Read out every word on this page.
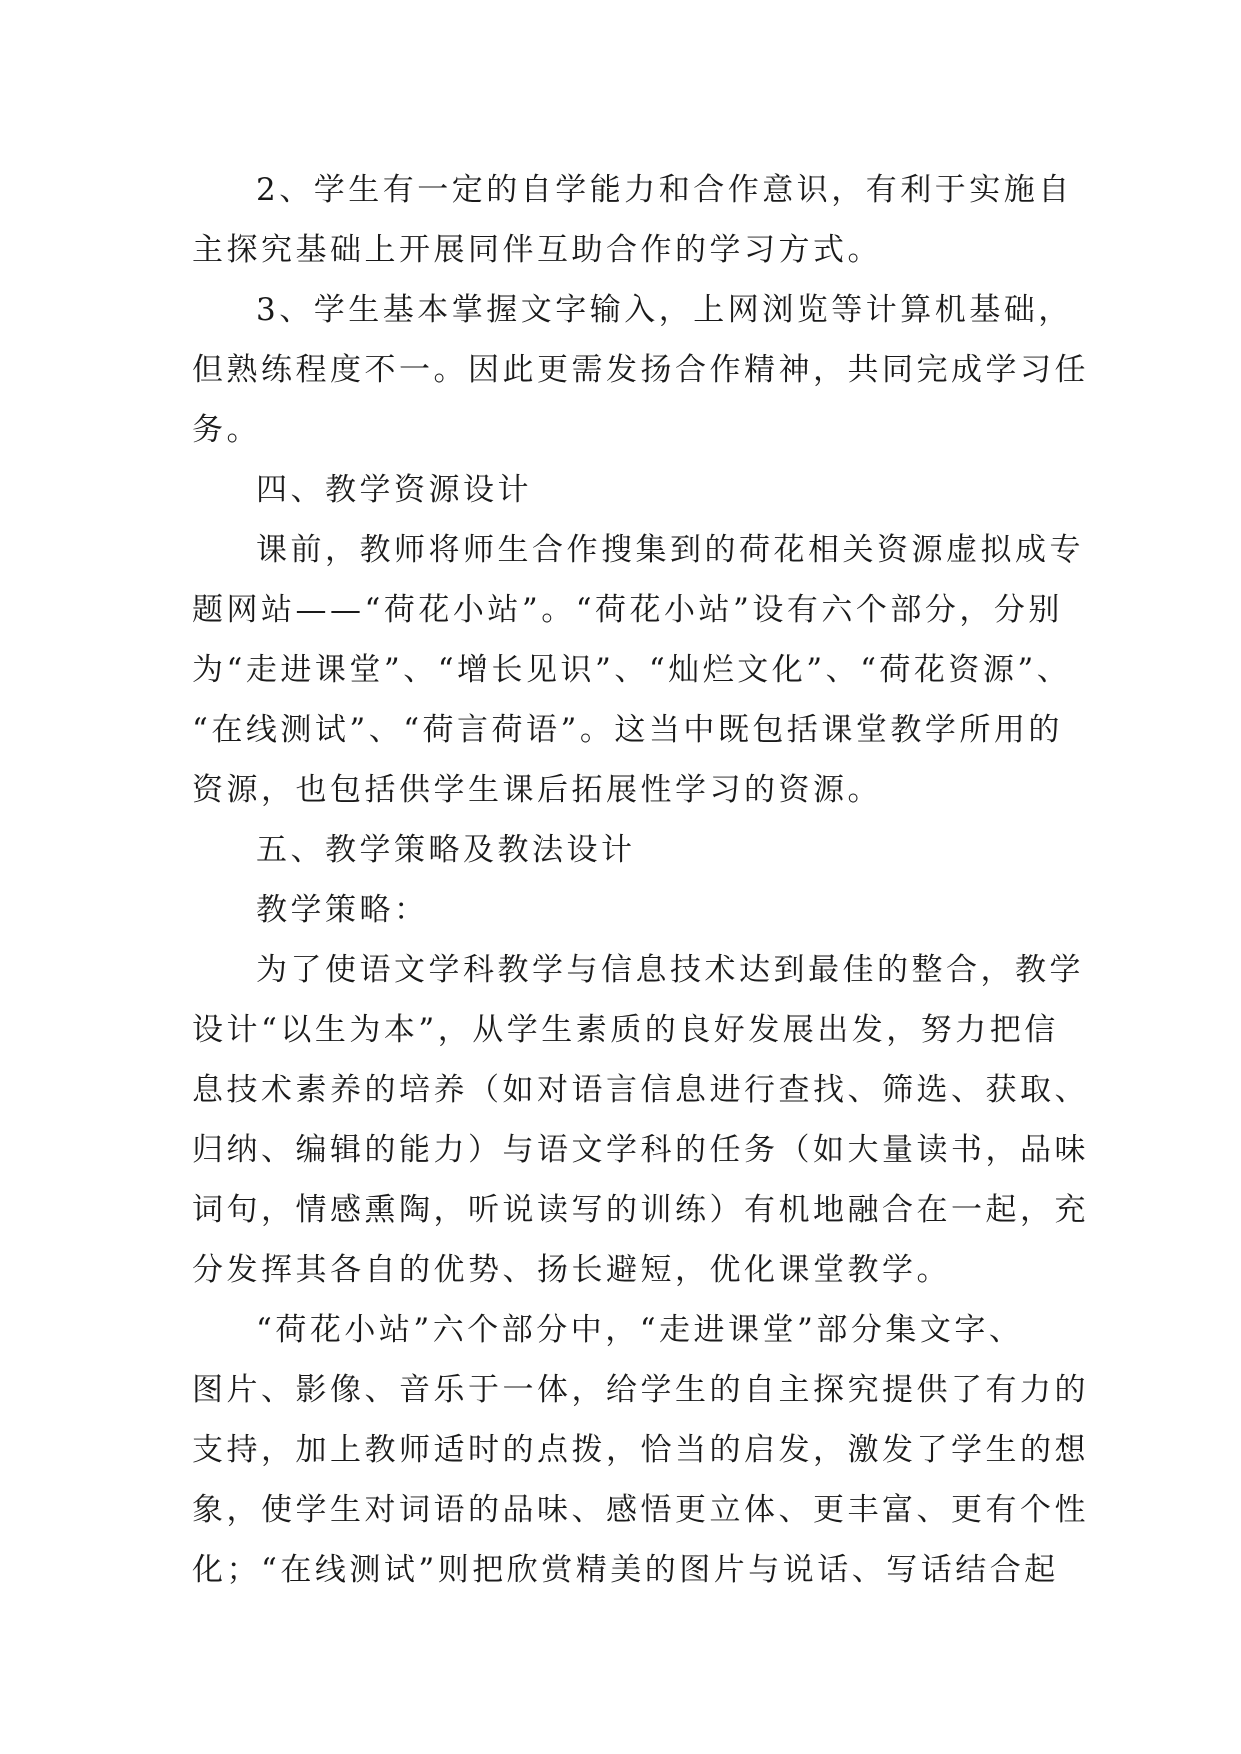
2、学生有一定的自学能力和合作意识，有利于实施自
主探究基础上开展同伴互助合作的学习方式。
3、学生基本掌握文字输入，上网浏览等计算机基础，
但熟练程度不一。因此更需发扬合作精神，共同完成学习任
务。
四、教学资源设计
课前，教师将师生合作搜集到的荷花相关资源虚拟成专
题网站——“荷花小站”。“荷花小站”设有六个部分，分别
为“走进课堂”、“增长见识”、“灿烂文化”、“荷花资源”、
“在线测试”、“荷言荷语”。这当中既包括课堂教学所用的
资源，也包括供学生课后拓展性学习的资源。
五、教学策略及教法设计
教学策略：
为了使语文学科教学与信息技术达到最佳的整合，教学
设计“以生为本”，从学生素质的良好发展出发，努力把信
息技术素养的培养（如对语言信息进行查找、筛选、获取、
归纳、编辑的能力）与语文学科的任务（如大量读书，品味
词句，情感熏陶，听说读写的训练）有机地融合在一起，充
分发挥其各自的优势、扬长避短，优化课堂教学。
“荷花小站”六个部分中，“走进课堂”部分集文字、
图片、影像、音乐于一体，给学生的自主探究提供了有力的
支持，加上教师适时的点拨，恰当的启发，激发了学生的想
象，使学生对词语的品味、感悟更立体、更丰富、更有个性
化；“在线测试”则把欣赏精美的图片与说话、写话结合起
